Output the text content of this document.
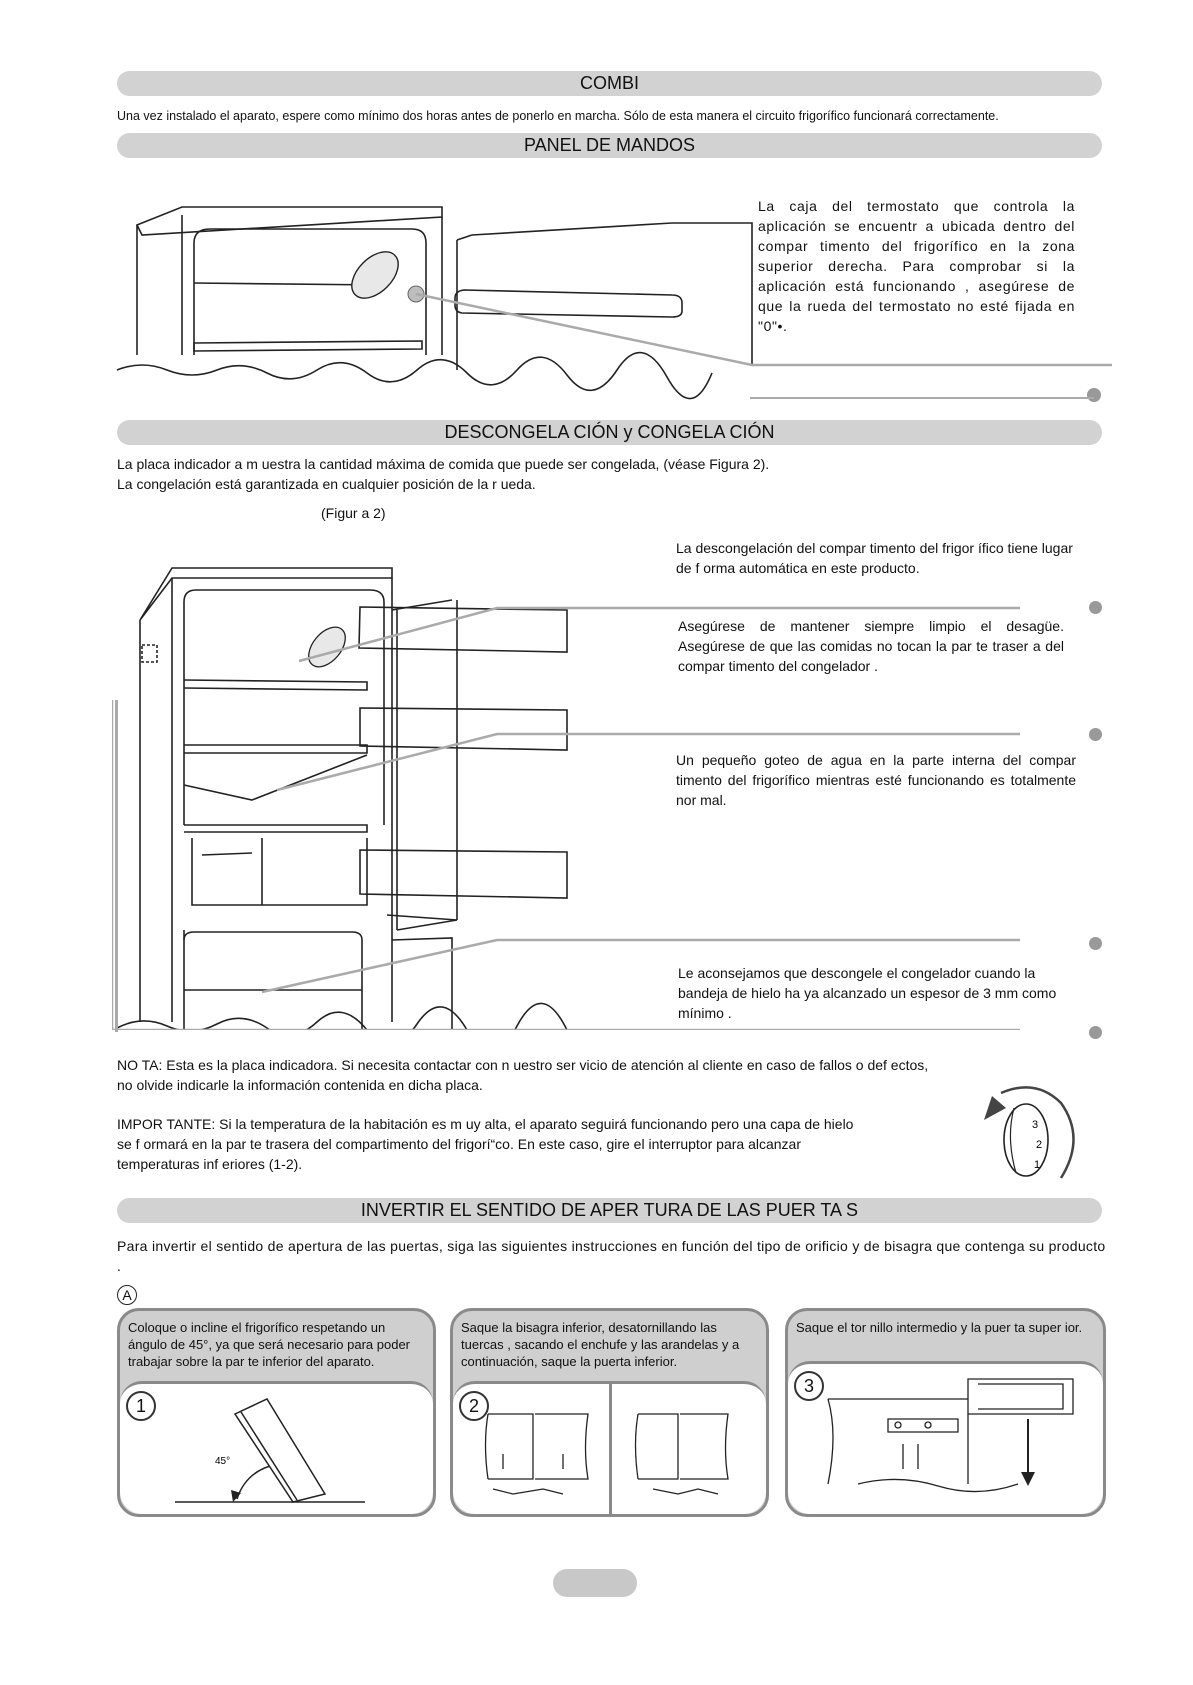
COMBI
Una vez instalado el aparato, espere como mínimo dos horas antes de ponerlo en marcha. Sólo de esta manera el circuito frigorífico funcionará correctamente.
PANEL DE MANDOS
La caja del termostato que controla la aplicación se encuentr a ubicada dentro del compar timento del frigorífico en la zona superior derecha. Para comprobar si la aplicación está funcionando , asegúrese de que la rueda del termostato no esté fijada en "0"•.
DESCONGELA CIÓN y CONGELA CIÓN
La placa indicador a m uestra la cantidad máxima de comida que puede ser congelada, (véase Figura 2).
La congelación está garantizada en cualquier posición de la r ueda.
(Figur a 2)
La descongelación del compar timento del frigor ífico tiene lugar de f orma automática en este producto.
Asegúrese de mantener siempre limpio el desagüe. Asegúrese de que las comidas no tocan la par te traser a del compar timento del congelador .
Un pequeño goteo de agua en la parte interna del compar timento del frigorífico mientras esté funcionando es totalmente nor mal.
Le aconsejamos que descongele el congelador cuando la bandeja de hielo ha ya alcanzado un espesor de 3 mm como mínimo .
NO TA: Esta es la placa indicadora. Si necesita contactar con n uestro ser vicio de atención al cliente en caso de fallos o def ectos, no olvide indicarle la información contenida en dicha placa.
IMPOR TANTE: Si la temperatura de la habitación es m uy alta, el aparato seguirá funcionando pero una capa de hielo se f ormará en la par te trasera del compartimento del frigorí“co. En este caso, gire el interruptor para alcanzar temperaturas inf eriores (1-2).
3
2
1
INVERTIR EL SENTIDO DE APER TURA DE LAS PUER TA S
Para invertir el sentido de apertura de las puertas, siga las siguientes instrucciones en función del tipo de orificio y de bisagra que contenga su producto .
A
Coloque o incline el frigorífico respetando un ángulo de 45°, ya que será necesario para poder trabajar sobre la par te inferior del aparato.
45°
1
Saque la bisagra inferior, desatornillando las tuercas , sacando el enchufe y las arandelas y a continuación, saque la puerta inferior.
2
Saque el tor nillo intermedio y la puer ta super ior.
3
